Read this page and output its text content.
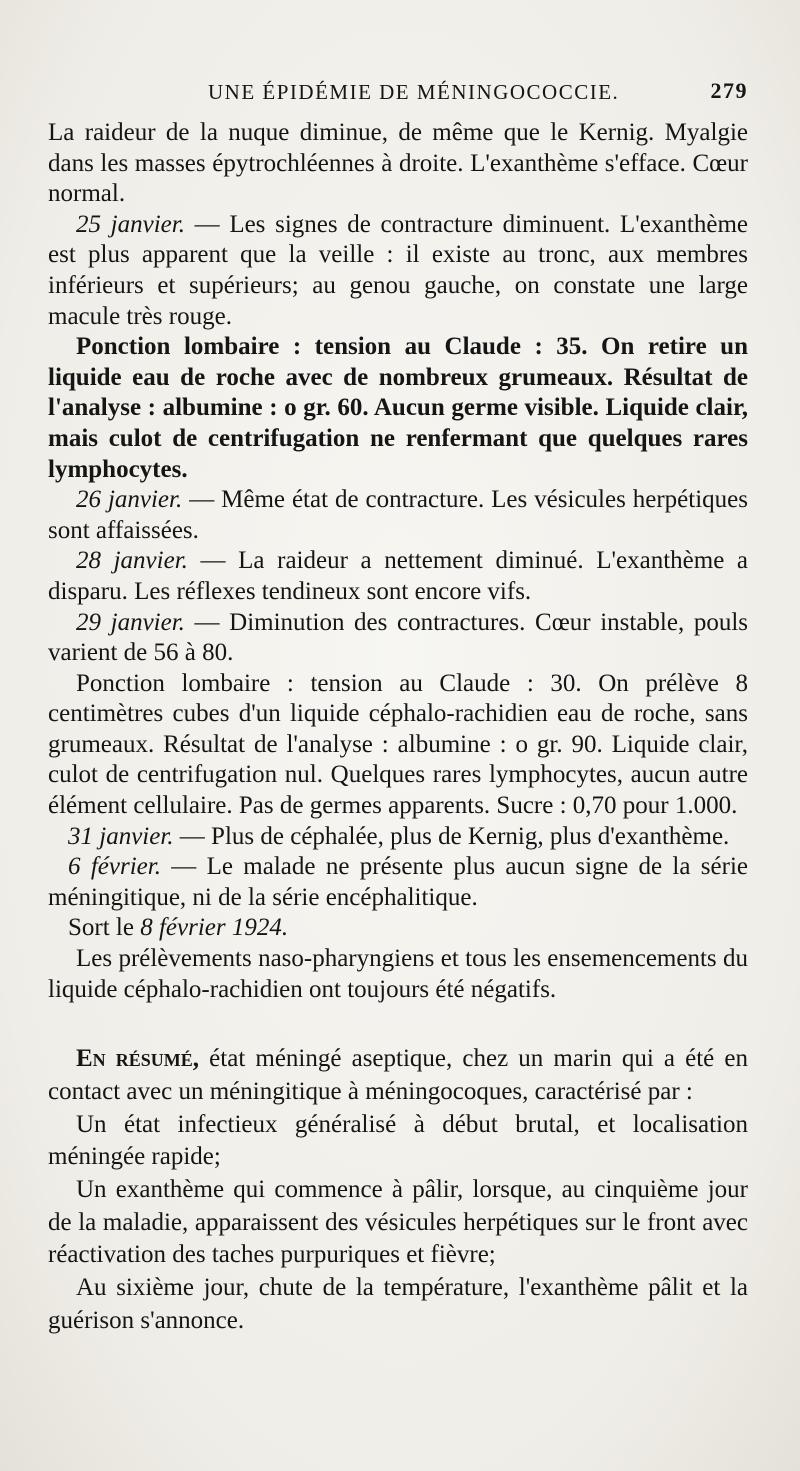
UNE ÉPIDÉMIE DE MÉNINGOCOCCIE.	279

La raideur de la nuque diminue, de même que le Kernig. Myalgie dans les masses épytrochléennes à droite. L'exanthème s'efface. Cœur normal.

25 janvier. — Les signes de contracture diminuent. L'exanthème est plus apparent que la veille : il existe au tronc, aux membres inférieurs et supérieurs; au genou gauche, on constate une large macule très rouge.

Ponction lombaire : tension au Claude : 35. On retire un liquide eau de roche avec de nombreux grumeaux. Résultat de l'analyse : albumine : o gr. 60. Aucun germe visible. Liquide clair, mais culot de centrifugation ne renfermant que quelques rares lymphocytes.

26 janvier. — Même état de contracture. Les vésicules herpétiques sont affaissées.

28 janvier. — La raideur a nettement diminué. L'exanthème a disparu. Les réflexes tendineux sont encore vifs.

29 janvier. — Diminution des contractures. Cœur instable, pouls varient de 56 à 80.

Ponction lombaire : tension au Claude : 30. On prélève 8 centimètres cubes d'un liquide céphalo-rachidien eau de roche, sans grumeaux. Résultat de l'analyse : albumine : o gr. 90. Liquide clair, culot de centrifugation nul. Quelques rares lymphocytes, aucun autre élément cellulaire. Pas de germes apparents. Sucre : 0,70 pour 1.000.

31 janvier. — Plus de céphalée, plus de Kernig, plus d'exanthème.

6 février. — Le malade ne présente plus aucun signe de la série méningitique, ni de la série encéphalitique.

Sort le 8 février 1924.

Les prélèvements naso-pharyngiens et tous les ensemencements du liquide céphalo-rachidien ont toujours été négatifs.

En résumé, état méningé aseptique, chez un marin qui a été en contact avec un méningitique à méningocoques, caractérisé par :

Un état infectieux généralisé à début brutal, et localisation méningée rapide;

Un exanthème qui commence à pâlir, lorsque, au cinquième jour de la maladie, apparaissent des vésicules herpétiques sur le front avec réactivation des taches purpuriques et fièvre;

Au sixième jour, chute de la température, l'exanthème pâlit et la guérison s'annonce.
